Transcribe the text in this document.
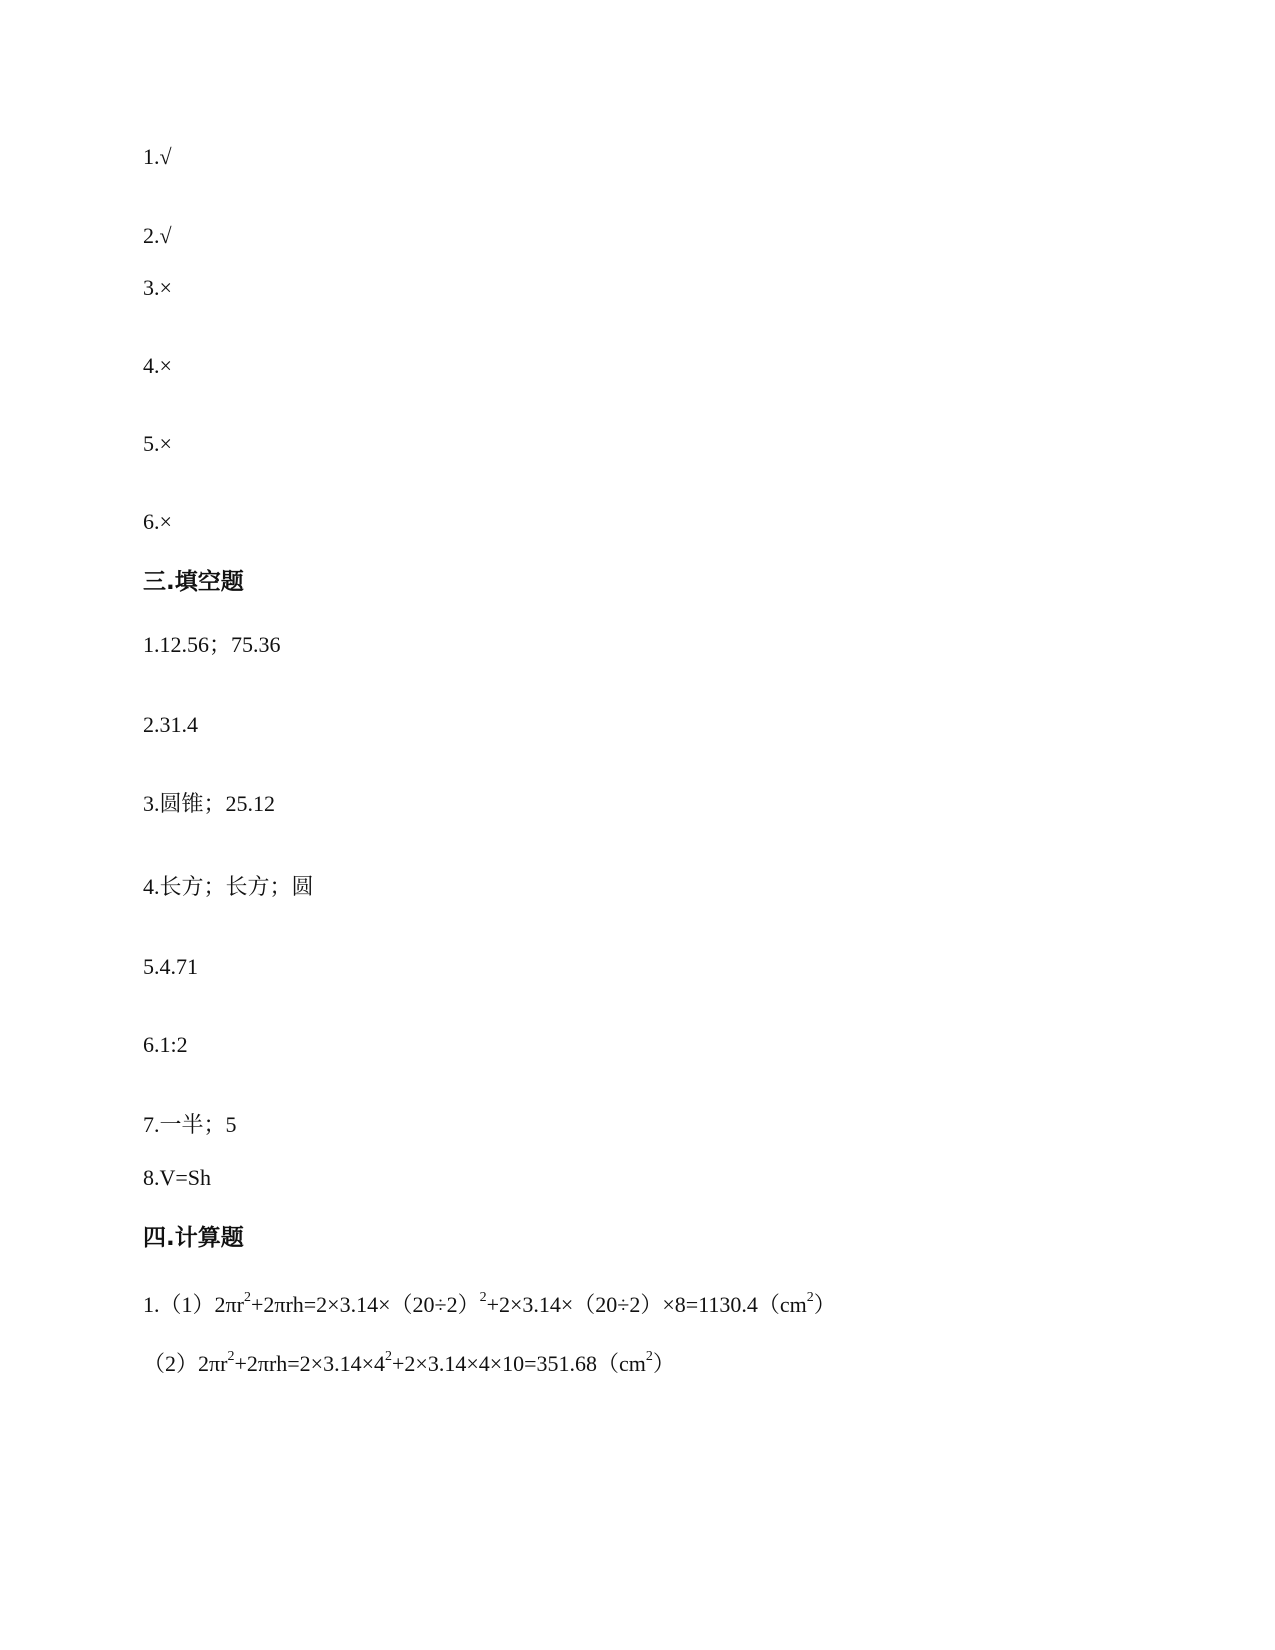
1.√
2.√
3.×
4.×
5.×
6.×
三.填空题
1.12.56；75.36
2.31.4
3.圆锥；25.12
4.长方；长方；圆
5.4.71
6.1:2
7.一半；5
8.V=Sh
四.计算题
$1.(1)2\pi r^2+2\pi rh=2\times 3.14\times(20\div 2)^2+2\times 3.14\times(20\div 2)\times 8=1130.4(cm^2)$
$(2)2\pi r^2+2\pi rh=2\times 3.14\times 4^2+2\times 3.14\times 4\times 10=351.68(cm^2)$
